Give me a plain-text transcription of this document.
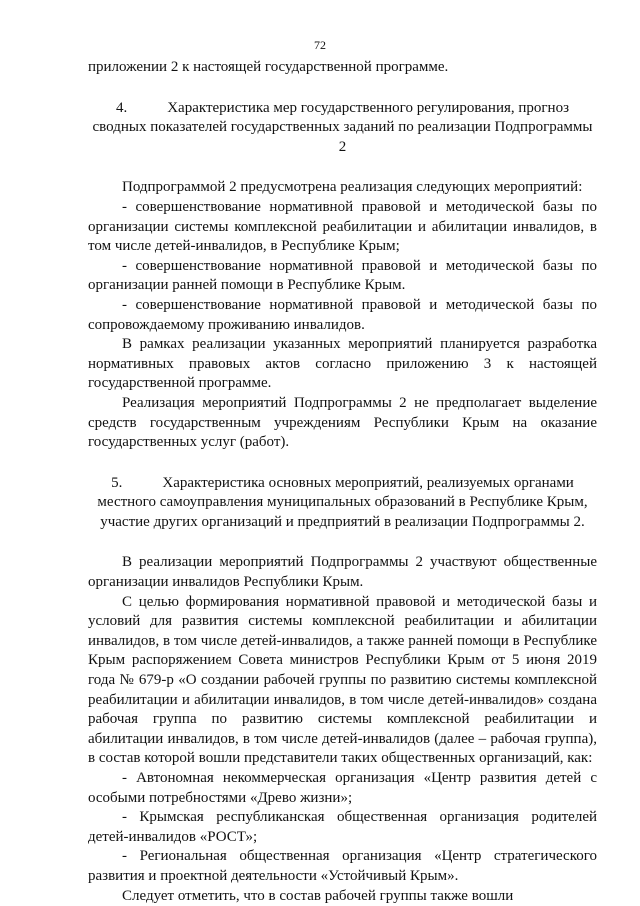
72

приложении 2 к настоящей государственной программе.

4.	Характеристика мер государственного регулирования, прогноз
сводных показателей государственных заданий по реализации Подпрограммы 2

Подпрограммой 2 предусмотрена реализация следующих мероприятий:

- совершенствование нормативной правовой и методической базы по организации системы комплексной реабилитации и абилитации инвалидов, в том числе детей-инвалидов, в Республике Крым;

- совершенствование нормативной правовой и методической базы по организации ранней помощи в Республике Крым.

- совершенствование нормативной правовой и методической базы по сопровождаемому проживанию инвалидов.

В рамках реализации указанных мероприятий планируется разработка нормативных правовых актов согласно приложению 3 к настоящей государственной программе.

Реализация мероприятий Подпрограммы 2 не предполагает выделение средств государственным учреждениям Республики Крым на оказание государственных услуг (работ).

5.	Характеристика основных мероприятий, реализуемых органами
местного самоуправления муниципальных образований в Республике Крым,
участие других организаций и предприятий в реализации Подпрограммы 2.

В реализации мероприятий Подпрограммы 2 участвуют общественные организации инвалидов Республики Крым.

С целью формирования нормативной правовой и методической базы и условий для развития системы комплексной реабилитации и абилитации инвалидов, в том числе детей-инвалидов, а также ранней помощи в Республике Крым распоряжением Совета министров Республики Крым от 5 июня 2019 года № 679-р «О создании рабочей группы по развитию системы комплексной реабилитации и абилитации инвалидов, в том числе детей-инвалидов» создана рабочая группа по развитию системы комплексной реабилитации и абилитации инвалидов, в том числе детей-инвалидов (далее – рабочая группа), в состав которой вошли представители таких общественных организаций, как:

- Автономная некоммерческая организация «Центр развития детей с особыми потребностями «Древо жизни»;

- Крымская республиканская общественная организация родителей детей-инвалидов «РОСТ»;

- Региональная общественная организация «Центр стратегического развития и проектной деятельности «Устойчивый Крым».

Следует отметить, что в состав рабочей группы также вошли
